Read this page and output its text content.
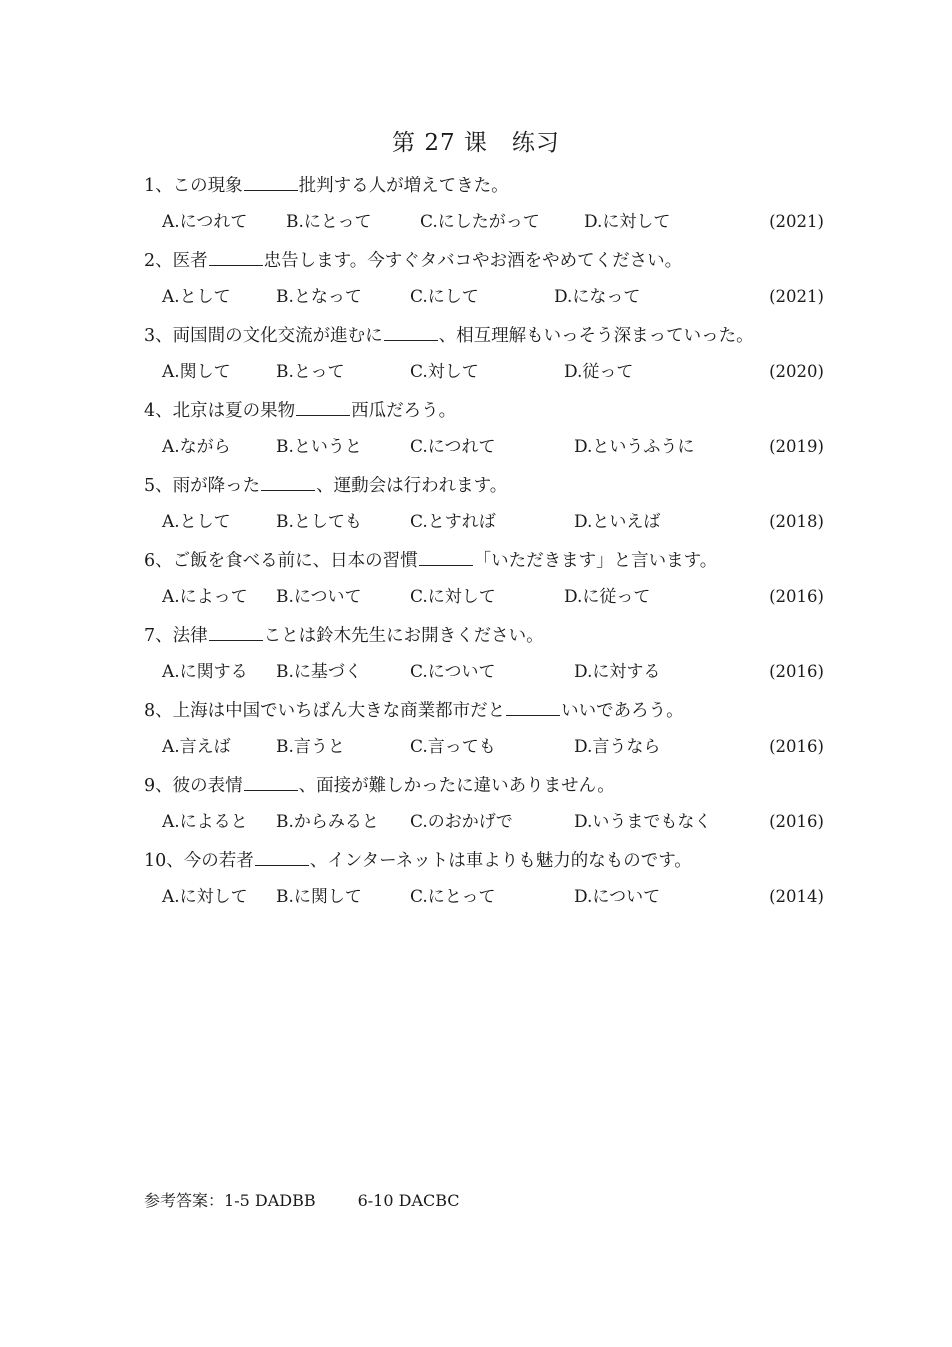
第 27 课　练习
1、この現象	批判する人が増えてきた。
A.につれて B.にとって	C.にしたがって	D.に対して	(2021)
2、医者	忠告します。今すぐタバコやお酒をやめてください。
A.として	B.となって	C.にして	D.になって	(2021)
3、両国間の文化交流が進むに	、相互理解もいっそう深まっていった。
A.関して	B.とって	C.対して	D.従って	(2020)
4、北京は夏の果物	西瓜だろう。
A.ながら	B.というと	C.につれて	D.というふうに	(2019)
5、雨が降った	、運動会は行われます。
A.として	B.としても	C.とすれば	D.といえば	(2018)
6、ご飯を食べる前に、日本の習慣	「いただきます」と言います。
A.によって B.について	C.に対して	D.に従って	(2016)
7、法律	ことは鈴木先生にお開きください。
A.に関する B.に基づく	C.について	D.に対する	(2016)
8、上海は中国でいちばん大きな商業都市だと	いいであろう。
A.言えば	B.言うと	C.言っても	D.言うなら	(2016)
9、彼の表情	、面接が難しかったに違いありません。
A.によると B.からみると C.のおかげで	D.いうまでもなく	(2016)
10、今の若者	、インターネットは車よりも魅力的なものです。
A.に対して B.に関して	C.にとって	D.について	(2014)
参考答案：1-5 DADBB	6-10 DACBC
